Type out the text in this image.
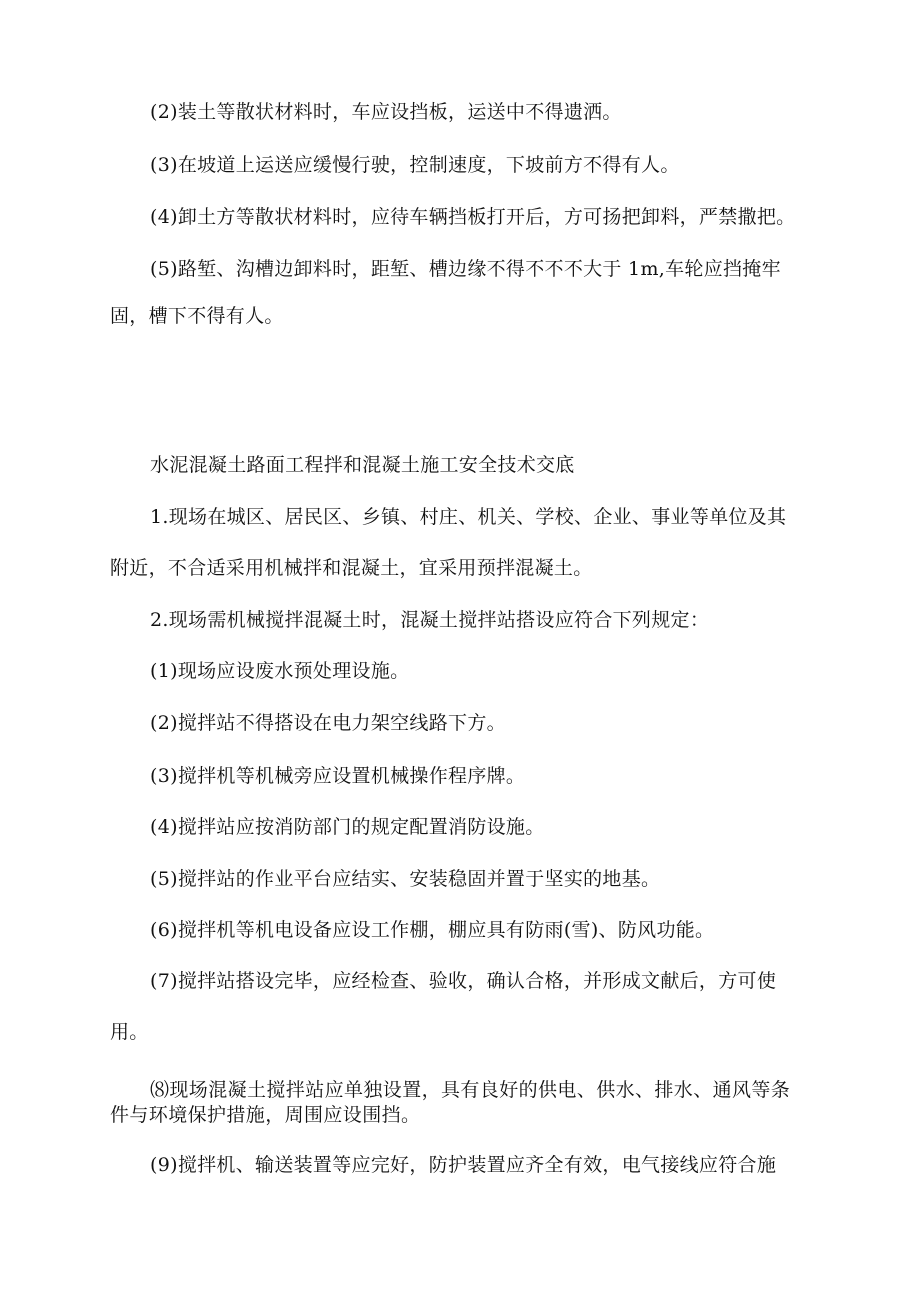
(2)装土等散状材料时，车应设挡板，运送中不得遗洒。
(3)在坡道上运送应缓慢行驶，控制速度，下坡前方不得有人。
(4)卸土方等散状材料时，应待车辆挡板打开后，方可扬把卸料，严禁撒把。
(5)路堑、沟槽边卸料时，距堑、槽边缘不得不不不大于 1m,车轮应挡掩牢
固，槽下不得有人。
水泥混凝土路面工程拌和混凝土施工安全技术交底
1.现场在城区、居民区、乡镇、村庄、机关、学校、企业、事业等单位及其
附近，不合适采用机械拌和混凝土，宜采用预拌混凝土。
2.现场需机械搅拌混凝土时，混凝土搅拌站搭设应符合下列规定：
(1)现场应设废水预处理设施。
(2)搅拌站不得搭设在电力架空线路下方。
(3)搅拌机等机械旁应设置机械操作程序牌。
(4)搅拌站应按消防部门的规定配置消防设施。
(5)搅拌站的作业平台应结实、安装稳固并置于坚实的地基。
(6)搅拌机等机电设备应设工作棚，棚应具有防雨(雪)、防风功能。
(7)搅拌站搭设完毕，应经检查、验收，确认合格，并形成文献后，方可使
用。
⑻现场混凝土搅拌站应单独设置，具有良好的供电、供水、排水、通风等条
件与环境保护措施，周围应设围挡。
(9)搅拌机、输送装置等应完好，防护装置应齐全有效，电气接线应符合施
